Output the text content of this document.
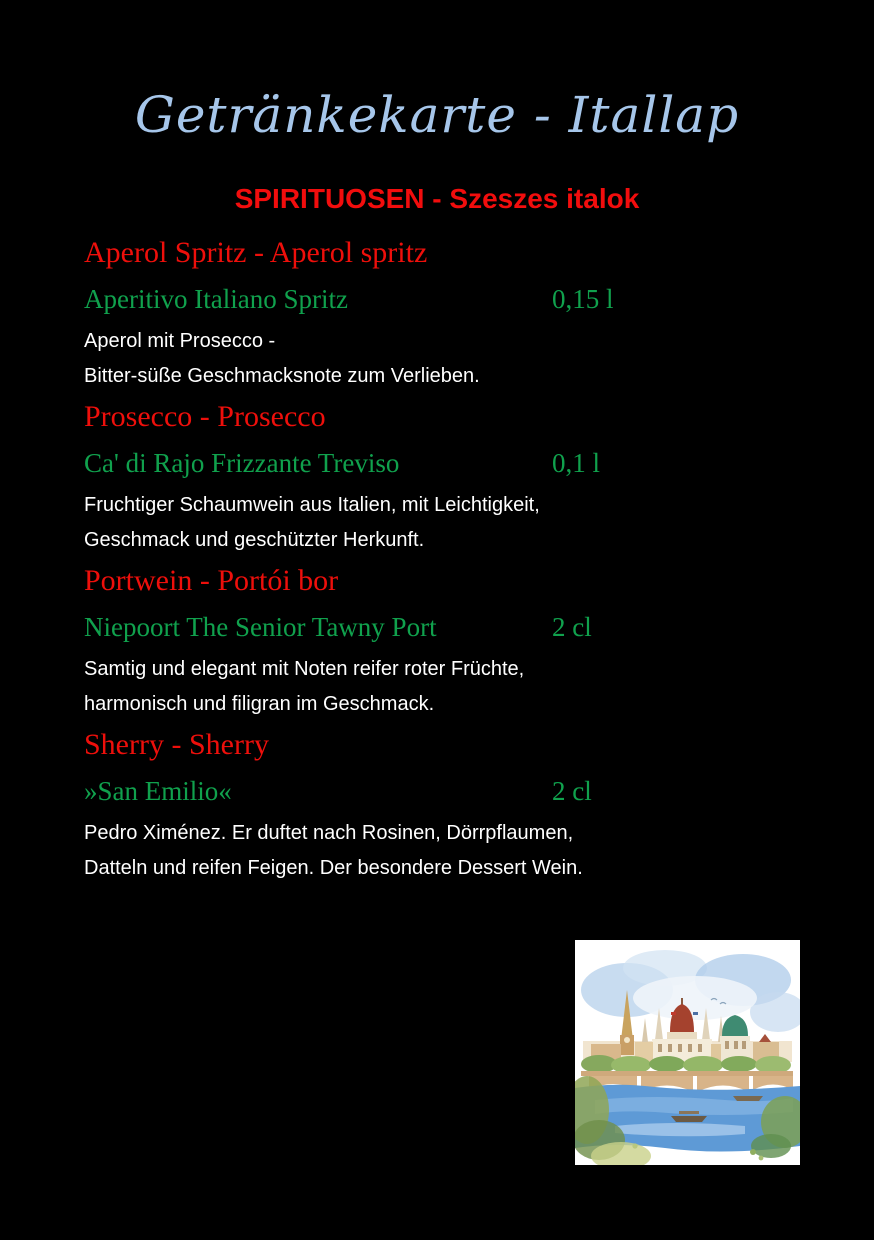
Getränkekarte - Itallap
SPIRITUOSEN - Szeszes italok
Aperol Spritz - Aperol spritz
Aperitivo Italiano Spritz	0,15 l
Aperol mit Prosecco -
Bitter-süße Geschmacksnote zum Verlieben.
Prosecco - Prosecco
Ca' di Rajo Frizzante Treviso	0,1 l
Fruchtiger Schaumwein aus Italien, mit Leichtigkeit,
Geschmack und geschützter Herkunft.
Portwein - Portói bor
Niepoort The Senior Tawny Port	2 cl
Samtig und elegant mit Noten reifer roter Früchte,
harmonisch und filigran im Geschmack.
Sherry - Sherry
»San Emilio«	2 cl
Pedro Ximénez. Er duftet nach Rosinen, Dörrpflaumen,
Datteln und reifen Feigen. Der besondere Dessert Wein.
